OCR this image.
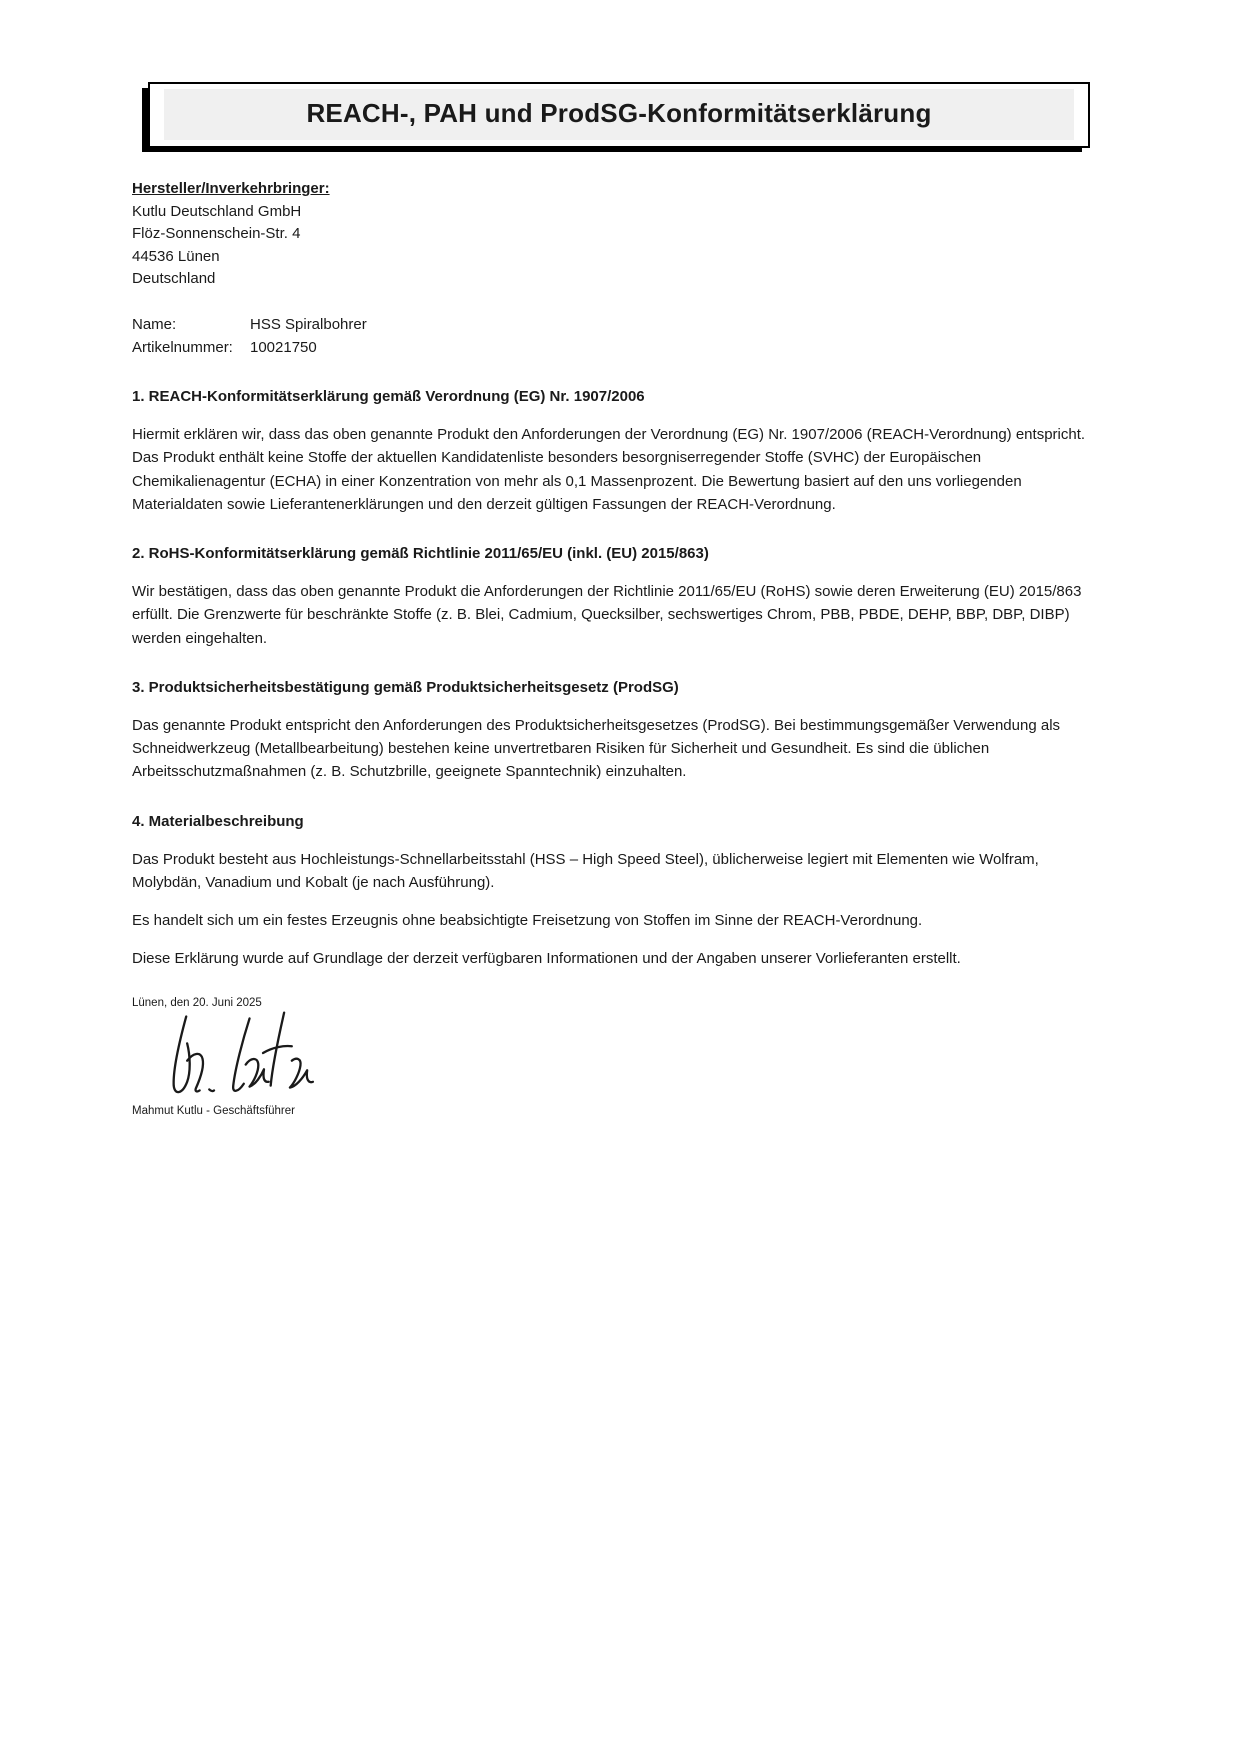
REACH-, PAH und ProdSG-Konformitätserklärung
Hersteller/Inverkehrbringer:
Kutlu Deutschland GmbH
Flöz-Sonnenschein-Str. 4
44536 Lünen
Deutschland
Name:	HSS Spiralbohrer
Artikelnummer:	10021750
1. REACH-Konformitätserklärung gemäß Verordnung (EG) Nr. 1907/2006

Hiermit erklären wir, dass das oben genannte Produkt den Anforderungen der Verordnung (EG) Nr. 1907/2006 (REACH-Verordnung) entspricht. Das Produkt enthält keine Stoffe der aktuellen Kandidatenliste besonders besorgniserregender Stoffe (SVHC) der Europäischen Chemikalienagentur (ECHA) in einer Konzentration von mehr als 0,1 Massenprozent. Die Bewertung basiert auf den uns vorliegenden Materialdaten sowie Lieferantenerklärungen und den derzeit gültigen Fassungen der REACH-Verordnung.

2. RoHS-Konformitätserklärung gemäß Richtlinie 2011/65/EU (inkl. (EU) 2015/863)

Wir bestätigen, dass das oben genannte Produkt die Anforderungen der Richtlinie 2011/65/EU (RoHS) sowie deren Erweiterung (EU) 2015/863 erfüllt. Die Grenzwerte für beschränkte Stoffe (z. B. Blei, Cadmium, Quecksilber, sechswertiges Chrom, PBB, PBDE, DEHP, BBP, DBP, DIBP) werden eingehalten.

3. Produktsicherheitsbestätigung gemäß Produktsicherheitsgesetz (ProdSG)

Das genannte Produkt entspricht den Anforderungen des Produktsicherheitsgesetzes (ProdSG). Bei bestimmungsgemäßer Verwendung als Schneidwerkzeug (Metallbearbeitung) bestehen keine unvertretbaren Risiken für Sicherheit und Gesundheit. Es sind die üblichen Arbeitsschutzmaßnahmen (z. B. Schutzbrille, geeignete Spanntechnik) einzuhalten.

4. Materialbeschreibung

Das Produkt besteht aus Hochleistungs-Schnellarbeitsstahl (HSS – High Speed Steel), üblicherweise legiert mit Elementen wie Wolfram, Molybdän, Vanadium und Kobalt (je nach Ausführung).

Es handelt sich um ein festes Erzeugnis ohne beabsichtigte Freisetzung von Stoffen im Sinne der REACH-Verordnung.

Diese Erklärung wurde auf Grundlage der derzeit verfügbaren Informationen und der Angaben unserer Vorlieferanten erstellt.

Lünen, den 20. Juni 2025
Mahmut Kutlu - Geschäftsführer
